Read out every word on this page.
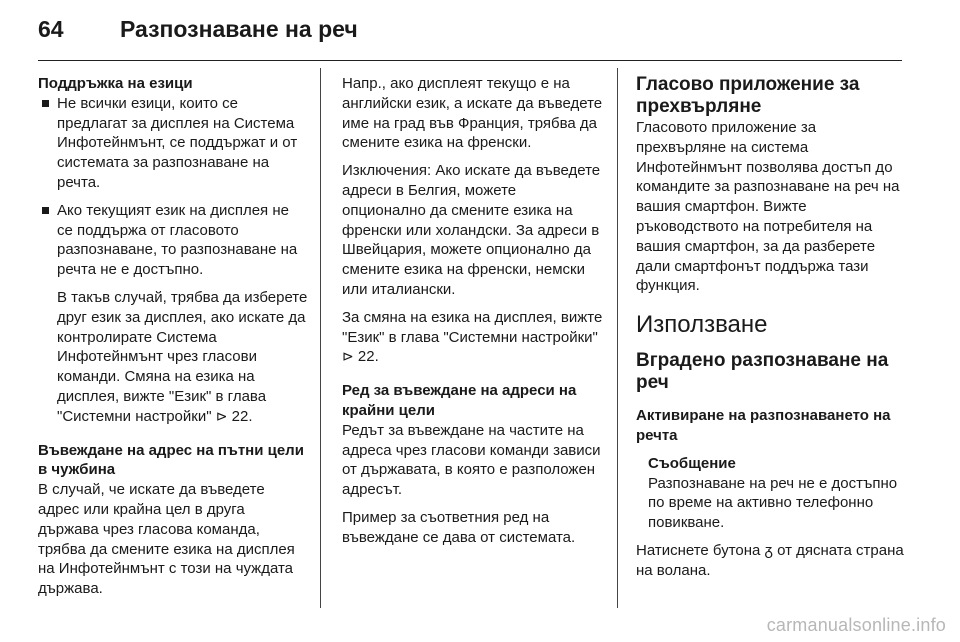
64 Разпознаване на реч
Поддръжка на езици

Не всички езици, които се предлагат за дисплея на Система Инфотейнмънт, се поддържат и от системата за разпознаване на речта.

Ако текущият език на дисплея не се поддържа от гласовото разпознаване, то разпознаване на речта не е достъпно.

В такъв случай, трябва да изберете друг език за дисплея, ако искате да контролирате Система Инфотейнмънт чрез гласови команди. Смяна на езика на дисплея, вижте "Език" в глава "Системни настройки" ⊳ 22.

Въвеждане на адрес на пътни цели в чужбина

В случай, че искате да въведете адрес или крайна цел в друга държава чрез гласова команда, трябва да смените езика на дисплея на Инфотейнмънт с този на чуждата държава.

Напр., ако дисплеят текущо е на английски език, а искате да въведете име на град във Франция, трябва да смените езика на френски.

Изключения: Ако искате да въведете адреси в Белгия, можете опционално да смените езика на френски или холандски. За адреси в Швейцария, можете опционално да смените езика на френски, немски или италиански.

За смяна на езика на дисплея, вижте "Език" в глава "Системни настройки" ⊳ 22.

Ред за въвеждане на адреси на крайни цели

Редът за въвеждане на частите на адреса чрез гласови команди зависи от държавата, в която е разположен адресът.

Пример за съответния ред на въвеждане се дава от системата.

Гласово приложение за прехвърляне

Гласовото приложение за прехвърляне на система Инфотейнмънт позволява достъп до командите за разпознаване на реч на вашия смартфон. Вижте ръководството на потребителя на вашия смартфон, за да разберете дали смартфонът поддържа тази функция.

Използване
Вградено разпознаване на реч
Активиране на разпознаването на речта
Съобщение
Разпознаване на реч не е достъпно по време на активно телефонно повикване.

Натиснете бутона ᵹ от дясната страна на волана.

carmanualsonline.info
